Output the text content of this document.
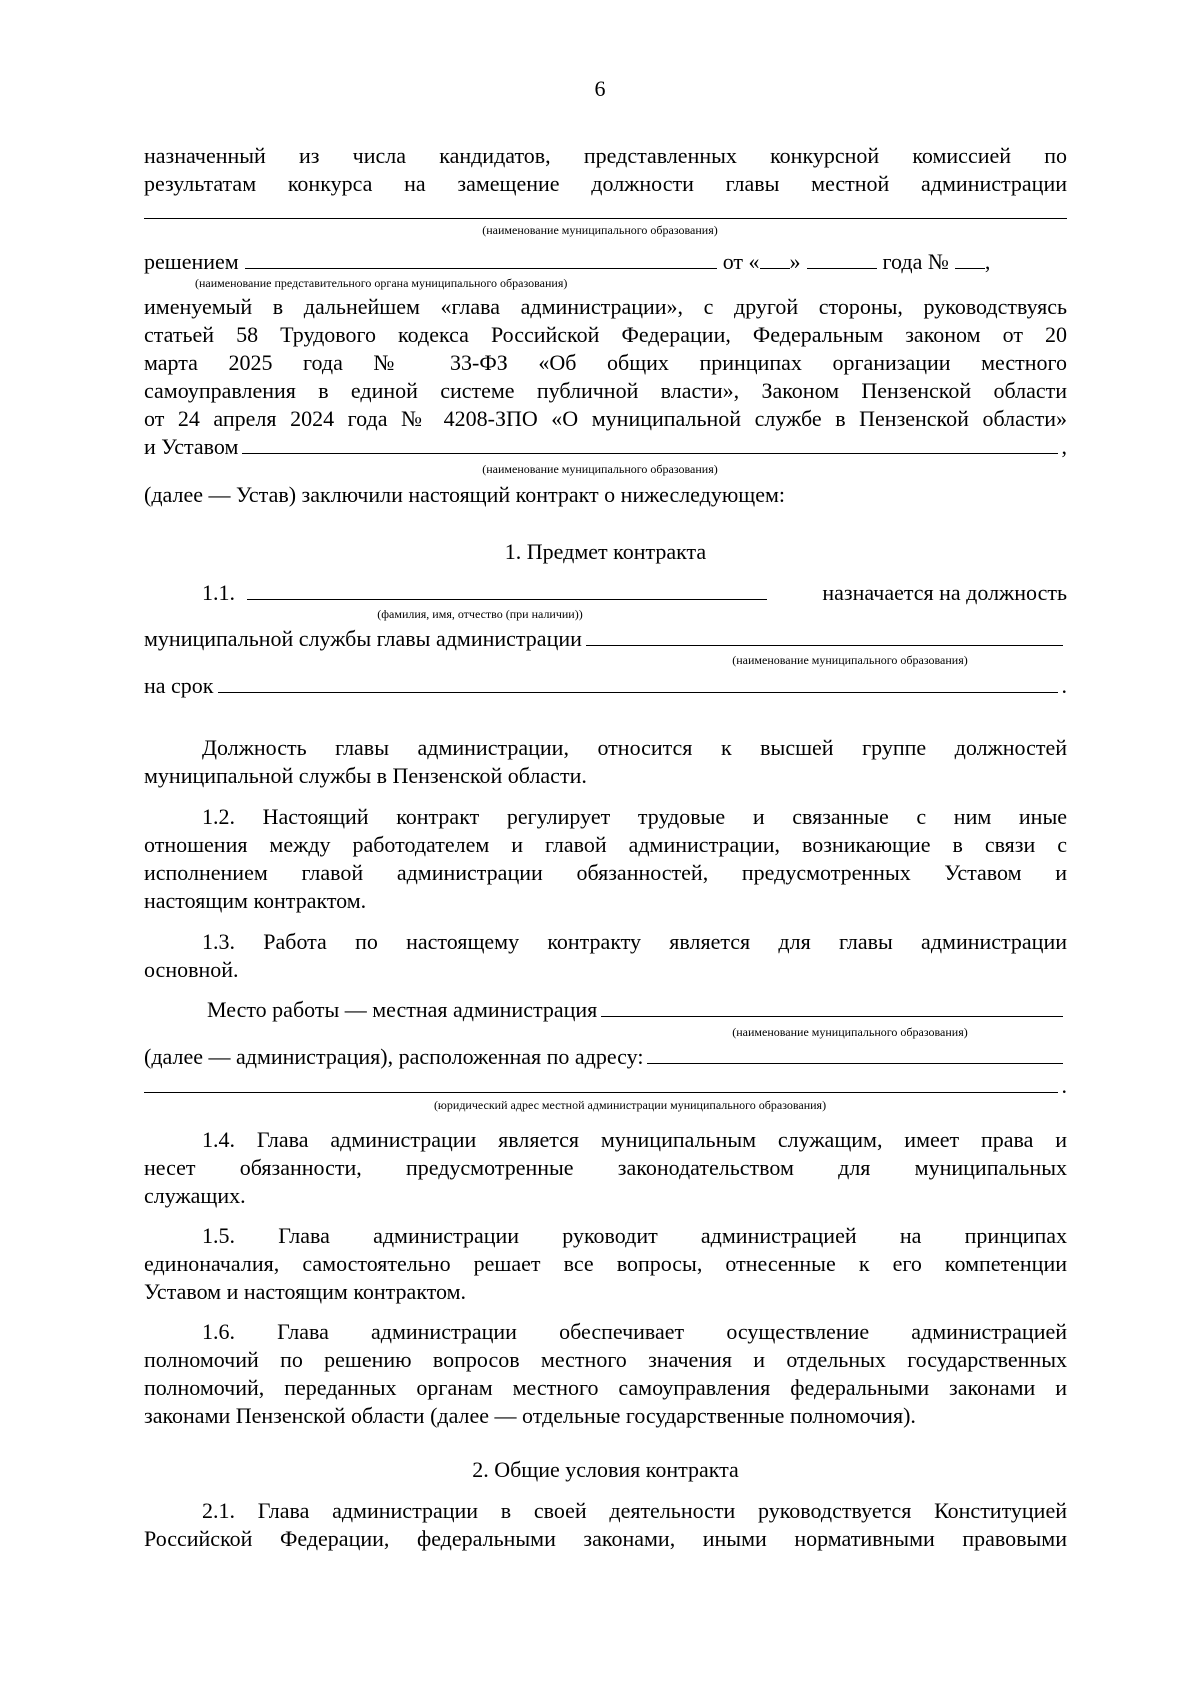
6
назначенный из числа кандидатов, представленных конкурсной комиссией по
результатам конкурса на замещение должности главы местной администрации
(наименование муниципального образования)
решением	от « »	года № ,
(наименование представительного органа муниципального образования)
именуемый в дальнейшем «глава администрации», с другой стороны, руководствуясь
статьей 58 Трудового кодекса Российской Федерации, Федеральным законом от 20
марта 2025 года № 33-ФЗ «Об общих принципах организации местного
самоуправления в единой системе публичной власти», Законом Пензенской области
от 24 апреля 2024 года № 4208-ЗПО «О муниципальной службе в Пензенской области»
и Уставом	,
(наименование муниципального образования)
(далее — Устав) заключили настоящий контракт о нижеследующем:
1. Предмет контракта
1.1.	назначается на должность
(фамилия, имя, отчество (при наличии))
муниципальной службы главы администрации
(наименование муниципального образования)
на срок	.
Должность главы администрации, относится к высшей группе должностей
муниципальной службы в Пензенской области.
1.2. Настоящий контракт регулирует трудовые и связанные с ним иные
отношения между работодателем и главой администрации, возникающие в связи с
исполнением главой администрации обязанностей, предусмотренных Уставом и
настоящим контрактом.
1.3. Работа по настоящему контракту является для главы администрации
основной.
Место работы — местная администрация
(наименование муниципального образования)
(далее — администрация), расположенная по адресу:
.
(юридический адрес местной администрации муниципального образования)
1.4. Глава администрации является муниципальным служащим, имеет права и
несет обязанности, предусмотренные законодательством для муниципальных
служащих.
1.5. Глава администрации руководит администрацией на принципах
единоначалия, самостоятельно решает все вопросы, отнесенные к его компетенции
Уставом и настоящим контрактом.
1.6. Глава администрации обеспечивает осуществление администрацией
полномочий по решению вопросов местного значения и отдельных государственных
полномочий, переданных органам местного самоуправления федеральными законами и
законами Пензенской области (далее — отдельные государственные полномочия).
2. Общие условия контракта
2.1. Глава администрации в своей деятельности руководствуется Конституцией
Российской Федерации, федеральными законами, иными нормативными правовыми
